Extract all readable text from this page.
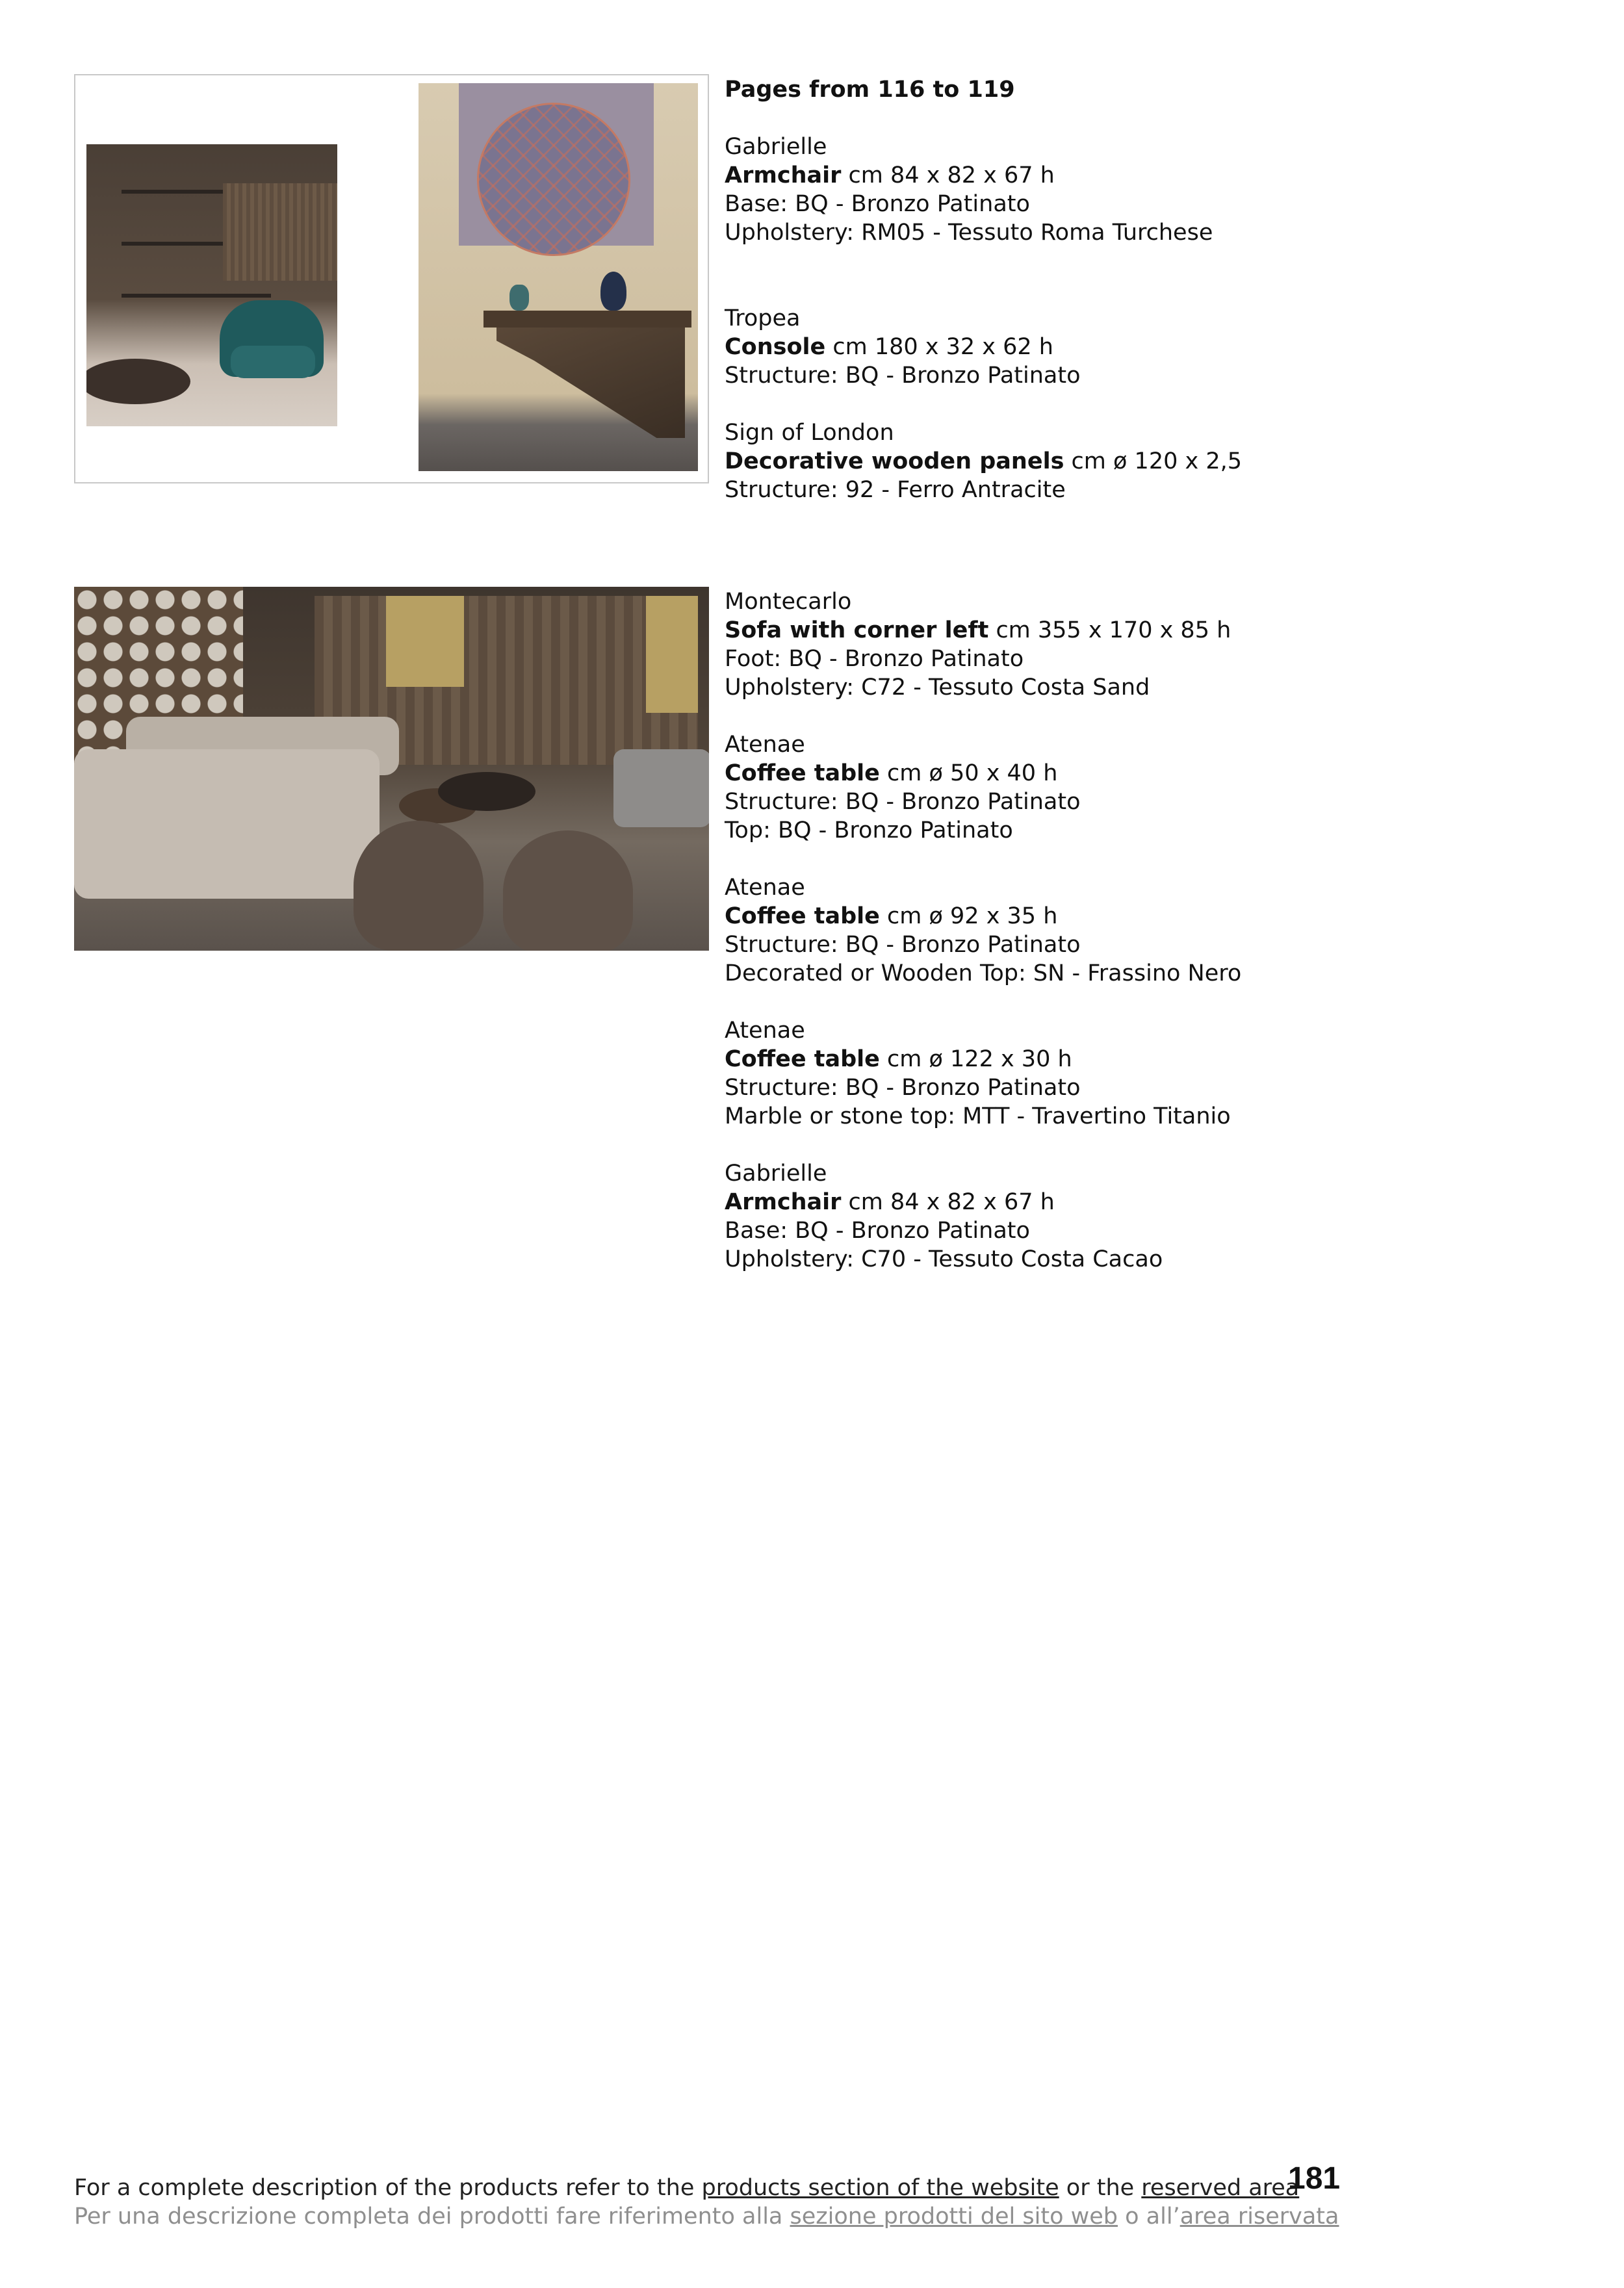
Pages from 116 to 119
Gabrielle
Armchair cm 84 x 82 x 67 h
Base: BQ - Bronzo Patinato
Upholstery: RM05 - Tessuto Roma Turchese
Tropea
Console cm 180 x 32 x 62 h
Structure: BQ - Bronzo Patinato
Sign of London
Decorative wooden panels cm ø 120 x 2,5
Structure: 92 - Ferro Antracite
Montecarlo
Sofa with corner left cm 355 x 170 x 85 h
Foot: BQ - Bronzo Patinato
Upholstery: C72 - Tessuto Costa Sand
Atenae
Coffee table cm ø 50 x 40 h
Structure: BQ - Bronzo Patinato
Top: BQ - Bronzo Patinato
Atenae
Coffee table cm ø 92 x 35 h
Structure: BQ - Bronzo Patinato
Decorated or Wooden Top: SN - Frassino Nero
Atenae
Coffee table cm ø 122 x 30 h
Structure: BQ - Bronzo Patinato
Marble or stone top: MTT - Travertino Titanio
Gabrielle
Armchair cm 84 x 82 x 67 h
Base: BQ - Bronzo Patinato
Upholstery: C70 - Tessuto Costa Cacao
For a complete description of the products refer to the products section of the website or the reserved area
Per una descrizione completa dei prodotti fare riferimento alla sezione prodotti del sito web o all’area riservata
181
